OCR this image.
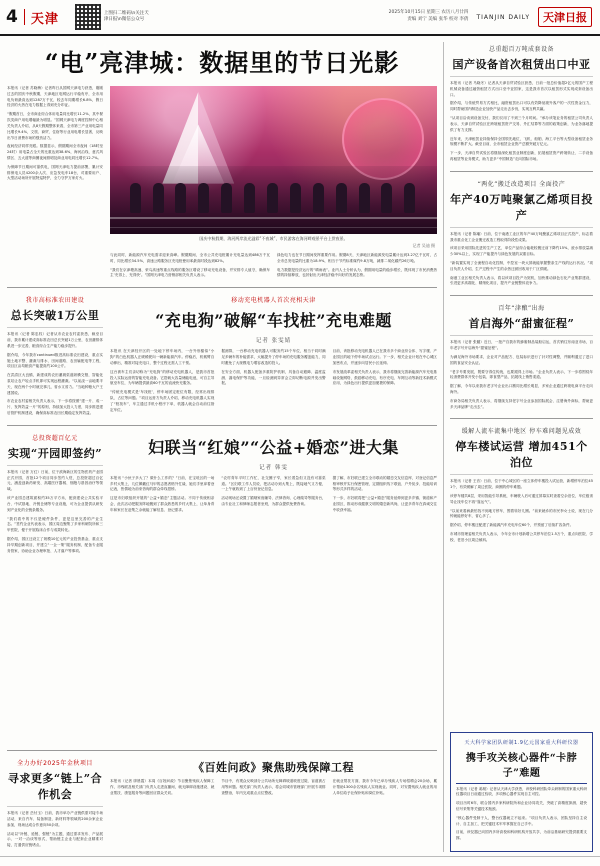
4	天津	上图扫二维码\n关注天津日报\n微信公众号
2025年10月15日 星期三 农历八月廿四
责编 刘宁 美编 张华 校对 李倩 TIANJIN DAILY	天津日报
“电”亮津城：数据里的节日光影

本报讯（记者 苏晓梅）记者昨日从国网天津电力获悉，刚刚过去的国庆中秋假期，天津地区电网运行平稳有序，全市用电负荷最高达到1287万千瓦，较去年同期增长6.8%，假日经济的火热在电力数据上得到充分印证。

“假期首日，全市商业综合体用电量同比增长11.2%，其中餐饮类商户用电增幅最为明显。”国网天津电力调度控制中心相关负责人介绍，从8天假期整体来看，全市第三产业用电量同比增长9.4%，文旅、商贸、住宿等行业用电增长显著，反映出节日消费市场的强劲活力。

夜间经济同样亮眼。数据显示，假期期间全市夜间（18时至24时）用电量占全天的比重达到38.6%，海河沿线、意式风情区、五大道等商圈夜间照明及商业用电同比增长12.7%。

为保障节日期间可靠供电，国网天津电力提前部署，累计安排保电人员4200余人次、应急发电车18台，对重要用户、大型活动场所开展特巡特护，全力守护万家灯火。

国庆中秋假期，海河两岸流光溢彩“不夜城”，市民游客在海河畔观景平台上赏夜景。
记者 吴迪 摄

与此同时，新能源汽车充电需求迎来高峰。假期期间，全市公共充电桩累计充电量达到486万千瓦时，同比增长34.5%，高速公路服务区充电桩使用率最高时段达到82%。

“我们在京津塘高速、荣乌高速等重点线路的服务区增设了移动充电设备，并安排专人值守，确保车主‘充得上、充得快’。”国网天津电力营销部相关负责人表示。

绿色电力也在节日期间发挥重要作用。假期8天，天津地区新能源发电量累计达到3.27亿千瓦时，占全市总发电量的比重为18.9%，相当于节约标准煤约9.8万吨，减排二氧化碳约26万吨。

电力数据是经济运行的“晴雨表”。业内人士分析认为，假期用电量的稳步增长，既体现了市民消费热情的持续释放，也折射出天津经济稳中向好的发展态势。

我市高标准农田建设
总长突破1万公里

本报讯（记者 陈忠权）记者从市农业农村委获悉，截至目前，我市累计建成高标准农田总长突破1万公里，农田灌排体系进一步完善，粮食综合生产能力稳步提升。

据介绍，今年我市continued推进高标准农田建设，重点实施土地平整、灌溉与排水、田间道路、农田输配电等工程，项目区亩均粮食产能提高约100公斤。

在武清区大良镇，新建成的农田灌溉渠道纵横交错，智能化泵站让农户轻点手机即可实现远程灌溉。“以前浇一亩地要半天，现在两个小时就完事儿，省水又省力。”当地种粮大户王建国说。

市农业农村委相关负责人表示，下一步将按照“建一片、成一片、发挥效益一片”的原则，持续加大投入力度，同步推进建后管护机制建设，确保高标准农田长期稳定发挥效益。

移动充电机器人首次亮相天津
“充电狗”破解“车找桩”充电难题
记者 张雯婧

本报讯 在天津经开区的一处地下停车场内，一台外形酷似“小狗”的白色机器人正缓缓驶向一辆新能源汽车。停稳后，机械臂自动伸出，精准对接充电口，整个过程无需人工干预。

这台被车主们亲切称为“充电狗”的移动充电机器人，是我市首批投入实际运营的智能充电设备。它搭载大容量储能电池，可自主导航至车位，为车辆提供最高60千瓦的直流快充服务。

“传统充电模式是‘车找桩’，停车场固定桩位有限，经常出现排队、占位等问题。”项目运营方负责人介绍，移动充电机器人实现了“桩找车”，车主通过手机小程序下单，机器人就会自动前往指定车位。

据测算，一台移动充电机器人可服务约15个车位，相当于同时满足多辆车的补能需求，大幅提升了停车场的充电服务覆盖能力，同时避免了大规模电力增容改造的投入。

在安全方面，机器人配备多重防护机制，具备自动避障、温度监测、漏电保护等功能，一旦检测到异常会立即切断电源并发出警报。

目前，该批移动充电机器人已在我市多个商业综合体、写字楼、产业园区的地下停车场试点运行。下一步，相关企业计划在中心城区加密布点，并逐步向居民小区延伸。

市发展改革委相关负责人表示，我市将继续完善新能源汽车充电基础设施网络，鼓励移动充电、有序充电、车网互动等新技术新模式应用，为绿色出行提供更加便捷的保障。

总投资超百亿元
实现“开园即签约”

本报讯（记者 万红）日前，位于滨海新区的生物医药产业园正式开园，首批12个项目同步签约入驻，总投资超过百亿元，涵盖创新药研发、高端医疗器械、细胞与基因治疗等领域。

该产业园总建筑面积约35万平方米，配套建设公共实验平台、中试基地、冷链仓储等专业设施，可为企业提供从研发到产业化的全链条服务。

“我们看中的不仅是硬件条件，更是这里完善的产业生态。”签约企业代表表示，园区周边聚集了多家科研院所和三甲医院，便于开展临床合作与成果转化。

据介绍，园区还设立了规模10亿元的产业投资基金，重点支持早期创新项目，并建立“一企一策”服务机制，配备专业服务管家，协助企业办理审批、人才落户等事项。

妇联当“红娘”“公益+婚恋”进大集
记者 韩雯

本报讯 “小伙子多大了？做什么工作的？”日前，在宝坻区的一场乡村大集上，几位佩戴红马甲的志愿者格外忙碌，她们手里拿着登记表，热情地为前来咨询的群众牵线搭桥。

这是市妇联组织开展的“公益+婚恋”主题活动。不同于传统相亲会，此次活动把服务阵地搬到了群众熟悉的乡村大集上，让单身青年和家长在赶集之余就能了解信息、登记需求。

“农村青年平时工作忙，社交圈子窄，家长着急但又没有可靠渠道。”区妇联工作人员说，把活动办到大集上，既接地气又方便，一上午就收到了上百份登记信息。

活动现场还设置了婚姻家庭辅导、法律咨询、心理疏导等服务台，由专业社工和律师志愿者坐班，为群众提供免费咨询。

据了解，市妇联已建立全市联动的婚恋交友信息库，对登记信息严格审核并实行保密管理，定期组织线下联谊、户外徒步、技能培训等形式多样的活动。

下一步，市妇联将把“公益+婚恋”服务延伸到更多乡镇、街道和产业园区，推动形成健康文明的婚恋新风尚，让更多青年在真诚交往中收获幸福。

全力办好2025年金秋项目
寻求更多“链上”合作机会

本报讯（记者 岳付玉）日前，我市举办产业链供需对接专场活动，来自汽车、装备制造、新材料等领域的200余家企业参加，现场达成合作意向50余项。

活动以“补链、延链、强链”为主题，通过需求发布、产品展示、一对一洽谈等形式，帮助链主企业与配套企业精准对接，打通供应链堵点。

《百姓问政》聚焦助残保障工程

本报讯（记者 廖晨霞）本周《百姓问政》节目聚焦残疾人保障工作，市残联及相关部门负责人走进直播间，就无障碍设施建设、就业帮扶、康复服务等问题回应群众关切。

节目中，有观众反映部分公共场所无障碍坡道坡度过陡、盲道被占用等问题。相关部门负责人表示，将会同城市管理部门开展专项排查整治，年内完成重点点位整改。

在就业帮扶方面，我市今年已举办残疾人专场招聘会20余场，累计帮助1300余名残疾人实现就业。同时，对安置残疾人就业的用人单位给予社保补贴和岗位补贴。

总重超百万吨成套设备
国产设备首次租赁出口中亚

本报讯（记者 马晓冬）记者从天津自贸试验区获悉，日前一批总价值超2亿元的国产工程机械设备通过融资租赁方式出口至中亚国家，这是我市首次以租赁形式实现成套设备出口。

据介绍，与传统贸易方式相比，融资租赁出口可以有效降低境外客户的一次性资金压力，同时帮助国内制造企业加快产品走出去步伐，实现互利共赢。

“从项目洽谈到设备交付，我们仅用了不到三个月时间。”承办该笔业务的租赁公司负责人表示，天津自贸试验区在跨境租赁资产交易、外汇结算等方面的政策创新，为业务落地提供了有力支撑。

近年来，天津租赁业持续保持全国领先地位，飞机、船舶、海工平台等大型设备租赁业务规模不断扩大。截至目前，全市租赁企业资产总额突破万亿元。

下一步，天津自贸试验区将继续深化租赁业制度创新，拓展租赁资产跨境转让、二手设备再租赁等业务模式，助力更多“中国制造”走向国际市场。

“两化”搬迁改造项目 全面投产
年产40万吨聚氯乙烯项目投产

本报讯（记者 陈璠）日前，位于南港工业区的年产40万吨聚氯乙烯项目正式投产，标志着我市重点化工企业搬迁改造工程取得阶段性成果。

该项目采用国际先进的生产工艺，单位产品综合能耗较搬迁前下降约15%，废水排放量减少30%以上，实现了产能提升与绿色发展的双重目标。

“新装置实现了全流程自动化控制，中控室一块大屏就能掌握整条生产线的运行状况。”项目负责人介绍，生产过程中产生的余热还被回收用于厂区供暖。

南港工业区相关负责人表示，将以该项目投产为契机，加快推动绿色石化产业集群建设，引进更多高端化、精细化项目，提升产业链整体竞争力。

百年“津酿”出海
首启海外“甜蜜征程”

本报讯（记者 张璐）近日，一批产自我市的蜂蜜制品装船启运，首次销往东南亚市场，百年老字号开启海外“甜蜜征程”。

为满足海外市场要求，企业对产品配方、包装标识进行了针对性调整，并顺利通过了进口国的食品安全认证。

“老字号要发展，既要守得住传统，也要跟得上市场。”企业负责人表示，下一步将围绕年轻消费群体开发小包装、即食型产品，拓展线上销售渠道。

据了解，今年以来我市老字号企业出口额同比增长明显，多家企业通过跨境电商平台走向海外。

市商务局相关负责人表示，将继续支持老字号企业参加国际展会、注册海外商标，帮助更多天津品牌“走出去”。

缓解人流车流集中地区 停车难问题见成效
停车楼试运营 增加451个泊位

本报讯（记者 王音）日前，位于中心城区的一座立体停车楼投入试运营，新增停车泊位451个，有效缓解了周边医院、商圈的停车难题。

该停车楼共8层，采用智能引导系统，车辆驶入后可通过屏幕实时查看空余泊位，车位级诱导让找车位不再“靠运气”。

“以前来看病最怕找不到地方停车，围着转好几圈。”前来就诊的市民李女士说，现在几分钟就能停好车，省心多了。

据介绍，停车楼还配建了新能源汽车充电车位60个，并预留了后续扩容条件。

市城市管理委相关负责人表示，今年全市计划新增公共停车泊位1.5万个，重点向医院、学校、老旧小区周边倾斜。

天大科学家团队研制1.9亿元国家重大科研仪器
携手攻关核心器件“卡脖子”难题

本报讯（记者 姜凝）记者从天津大学获悉，该校科研团队牵头研制的国家重大科研仪器项目日前通过验收，多项核心器件实现自主可控。

项目历时6年，联合国内多家科研院所和企业协同攻关，突破了高精度探测、超快信号采集等关键技术瓶颈。

“核心器件受制于人，整台仪器就立不起来。”项目负责人表示，团队坚持自主设计、自主加工，把关键技术牢牢掌握在自己手中。

目前，该仪器已向国内多所高校和科研机构开放共享，为前沿基础研究提供重要支撑。
